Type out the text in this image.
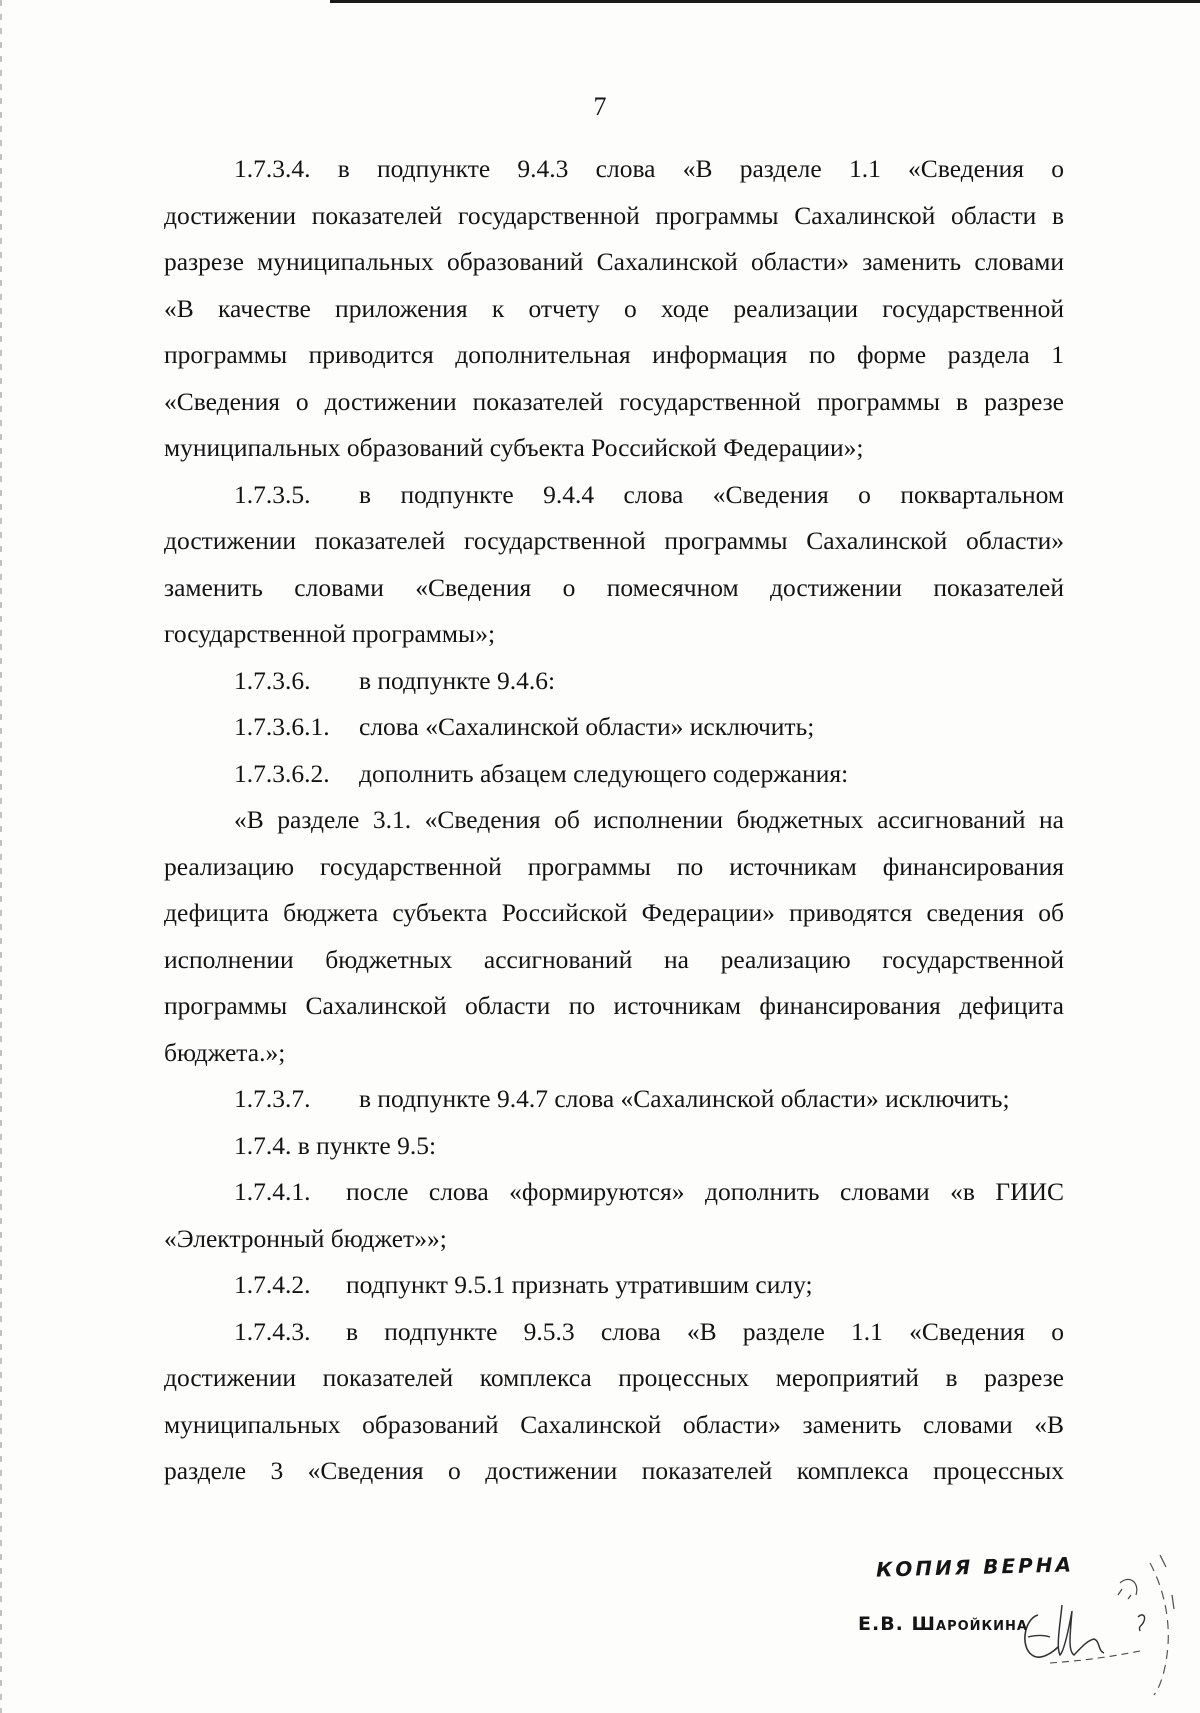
7

1.7.3.4. в подпункте 9.4.3 слова «В разделе 1.1 «Сведения о

достижении показателей государственной программы Сахалинской области в

разрезе муниципальных образований Сахалинской области» заменить словами

«В качестве приложения к отчету о ходе реализации государственной

программы приводится дополнительная информация по форме раздела 1

«Сведения о достижении показателей государственной программы в разрезе

муниципальных образований субъекта Российской Федерации»;

1.7.3.5. в подпункте 9.4.4 слова «Сведения о поквартальном

достижении показателей государственной программы Сахалинской области»

заменить словами «Сведения о помесячном достижении показателей

государственной программы»;

1.7.3.6. в подпункте 9.4.6:

1.7.3.6.1. слова «Сахалинской области» исключить;

1.7.3.6.2. дополнить абзацем следующего содержания:

«В разделе 3.1. «Сведения об исполнении бюджетных ассигнований на

реализацию государственной программы по источникам финансирования

дефицита бюджета субъекта Российской Федерации» приводятся сведения об

исполнении бюджетных ассигнований на реализацию государственной

программы Сахалинской области по источникам финансирования дефицита

бюджета.»;

1.7.3.7. в подпункте 9.4.7 слова «Сахалинской области» исключить;

1.7.4. в пункте 9.5:

1.7.4.1. после слова «формируются» дополнить словами «в ГИИС

«Электронный бюджет»»;

1.7.4.2. подпункт 9.5.1 признать утратившим силу;

1.7.4.3. в подпункте 9.5.3 слова «В разделе 1.1 «Сведения о

достижении показателей комплекса процессных мероприятий в разрезе

муниципальных образований Сахалинской области» заменить словами «В

разделе 3 «Сведения о достижении показателей комплекса процессных

КОПИЯ ВЕРНА
Е.В. ШАРОЙКИНА
